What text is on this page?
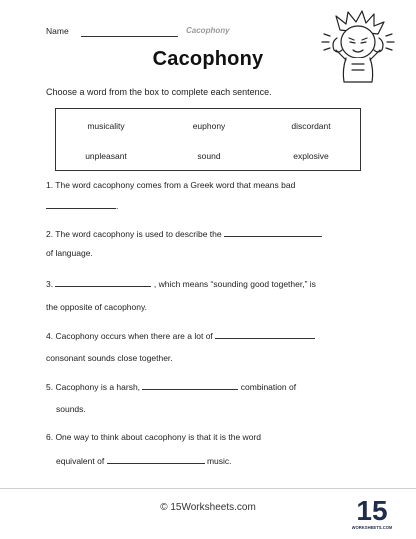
Name	Cacophony
Cacophony
Choose a word from the box to complete each sentence.
musicality	euphony	discordant
unpleasant	sound	explosive
1. The word cacophony comes from a Greek word that means bad
.
2. The word cacophony is used to describe the
of language.
3.	, which means “sounding good together,” is
the opposite of cacophony.
4. Cacophony occurs when there are a lot of
consonant sounds close together.
5. Cacophony is a harsh,	combination of
sounds.
6. One way to think about cacophony is that it is the word
equivalent of	music.
© 15Worksheets.com	15
WORKSHEETS.COM
